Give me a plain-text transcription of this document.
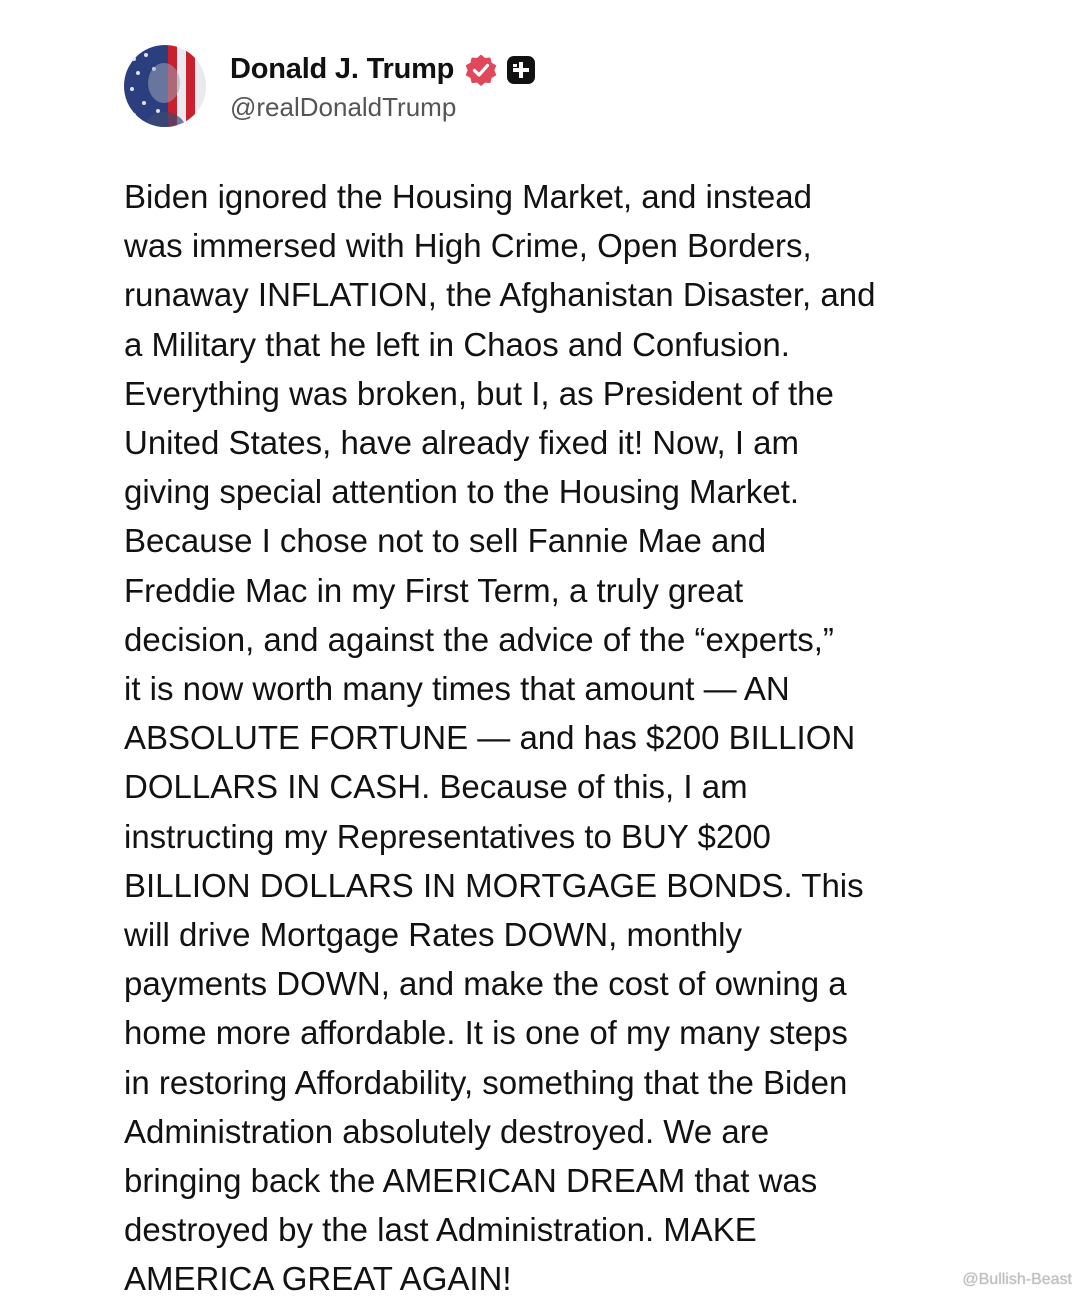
Donald J. Trump
@realDonaldTrump
Biden ignored the Housing Market, and instead
was immersed with High Crime, Open Borders,
runaway INFLATION, the Afghanistan Disaster, and
a Military that he left in Chaos and Confusion.
Everything was broken, but I, as President of the
United States, have already fixed it! Now, I am
giving special attention to the Housing Market.
Because I chose not to sell Fannie Mae and
Freddie Mac in my First Term, a truly great
decision, and against the advice of the “experts,”
it is now worth many times that amount — AN
ABSOLUTE FORTUNE — and has $200 BILLION
DOLLARS IN CASH. Because of this, I am
instructing my Representatives to BUY $200
BILLION DOLLARS IN MORTGAGE BONDS. This
will drive Mortgage Rates DOWN, monthly
payments DOWN, and make the cost of owning a
home more affordable. It is one of my many steps
in restoring Affordability, something that the Biden
Administration absolutely destroyed. We are
bringing back the AMERICAN DREAM that was
destroyed by the last Administration. MAKE
AMERICA GREAT AGAIN!	@Bullish-Beast
